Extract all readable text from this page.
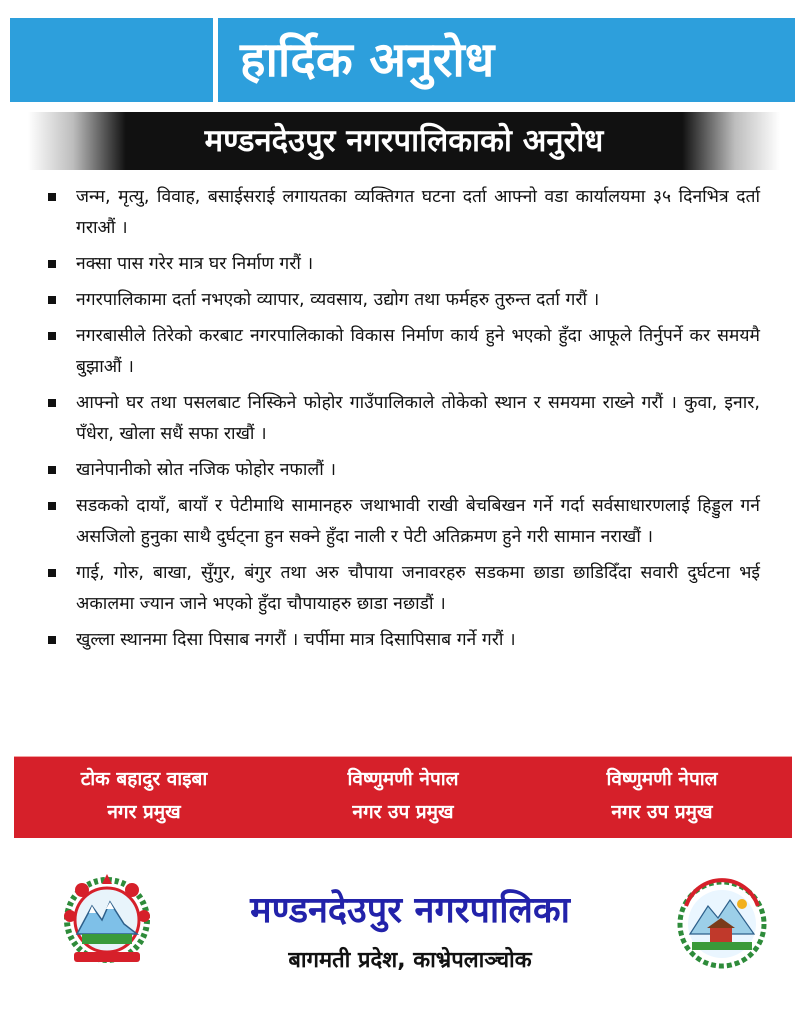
हार्दिक अनुरोध
मण्डनदेउपुर नगरपालिकाको अनुरोध
जन्म, मृत्यु, विवाह, बसाईसराई लगायतका व्यक्तिगत घटना दर्ता आफ्नो वडा कार्यालयमा ३५ दिनभित्र दर्ता गराऔं ।
नक्सा पास गरेर मात्र घर निर्माण गरौं ।
नगरपालिकामा दर्ता नभएको व्यापार, व्यवसाय, उद्योग तथा फर्महरु तुरुन्त दर्ता गरौं ।
नगरबासीले तिरेको करबाट नगरपालिकाको विकास निर्माण कार्य हुने भएको हुँदा आफूले तिर्नुपर्ने कर समयमै बुझाऔं ।
आफ्नो घर तथा पसलबाट निस्किने फोहोर गाउँपालिकाले तोकेको स्थान र समयमा राख्ने गरौं । कुवा, इनार, पँधेरा, खोला सधैं सफा राखौं ।
खानेपानीको स्रोत नजिक फोहोर नफालौं ।
सडकको दायाँ, बायाँ र पेटीमाथि सामानहरु जथाभावी राखी बेचबिखन गर्ने गर्दा सर्वसाधारणलाई हिड्डुल गर्न असजिलो हुनुका साथै दुर्घट्ना हुन सक्ने हुँदा नाली र पेटी अतिक्रमण हुने गरी सामान नराखौं ।
गाई, गोरु, बाखा, सुँगुर, बंगुर तथा अरु चौपाया जनावरहरु सडकमा छाडा छाडिदिँदा सवारी दुर्घटना भई अकालमा ज्यान जाने भएको हुँदा चौपायाहरु छाडा नछाडौं ।
खुल्ला स्थानमा दिसा पिसाब नगरौं । चर्पीमा मात्र दिसापिसाब गर्ने गरौं ।
टोक बहादुर वाइबा
नगर प्रमुख
विष्णुमणी नेपाल
नगर उप प्रमुख
विष्णुमणी नेपाल
नगर उप प्रमुख
मण्डनदेउपुर नगरपालिका
बागमती प्रदेश, काभ्रेपलाञ्चोक
